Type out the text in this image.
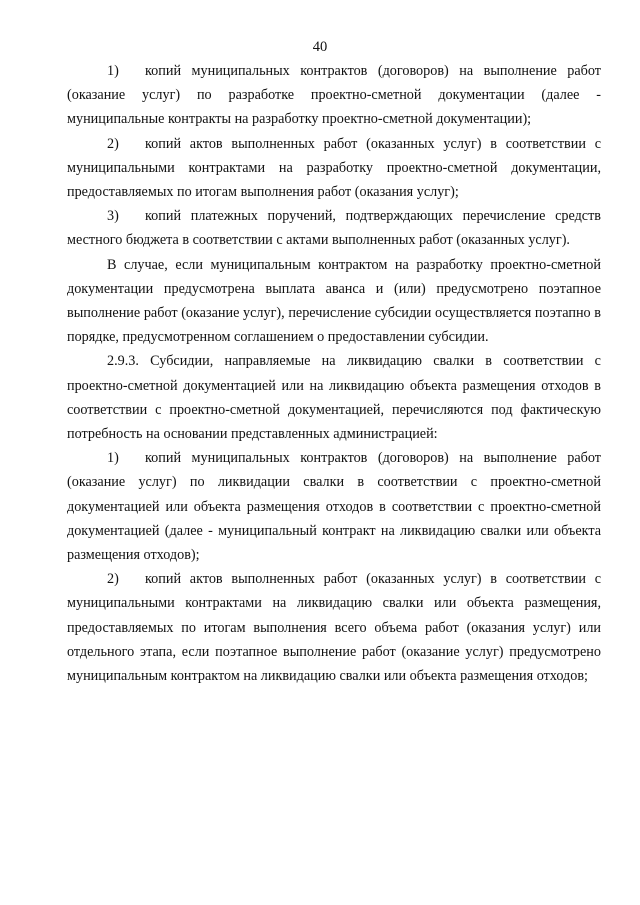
40

1) копий муниципальных контрактов (договоров) на выполнение работ (оказание услуг) по разработке проектно-сметной документации (далее - муниципальные контракты на разработку проектно-сметной документации);

2) копий актов выполненных работ (оказанных услуг) в соответствии с муниципальными контрактами на разработку проектно-сметной документации, предоставляемых по итогам выполнения работ (оказания услуг);

3) копий платежных поручений, подтверждающих перечисление средств местного бюджета в соответствии с актами выполненных работ (оказанных услуг).

В случае, если муниципальным контрактом на разработку проектно-сметной документации предусмотрена выплата аванса и (или) предусмотрено поэтапное выполнение работ (оказание услуг), перечисление субсидии осуществляется поэтапно в порядке, предусмотренном соглашением о предоставлении субсидии.

2.9.3. Субсидии, направляемые на ликвидацию свалки в соответствии с проектно-сметной документацией или на ликвидацию объекта размещения отходов в соответствии с проектно-сметной документацией, перечисляются под фактическую потребность на основании представленных администрацией:

1) копий муниципальных контрактов (договоров) на выполнение работ (оказание услуг) по ликвидации свалки в соответствии с проектно-сметной документацией или объекта размещения отходов в соответствии с проектно-сметной документацией (далее - муниципальный контракт на ликвидацию свалки или объекта размещения отходов);

2) копий актов выполненных работ (оказанных услуг) в соответствии с муниципальными контрактами на ликвидацию свалки или объекта размещения, предоставляемых по итогам выполнения всего объема работ (оказания услуг) или отдельного этапа, если поэтапное выполнение работ (оказание услуг) предусмотрено муниципальным контрактом на ликвидацию свалки или объекта размещения отходов;
